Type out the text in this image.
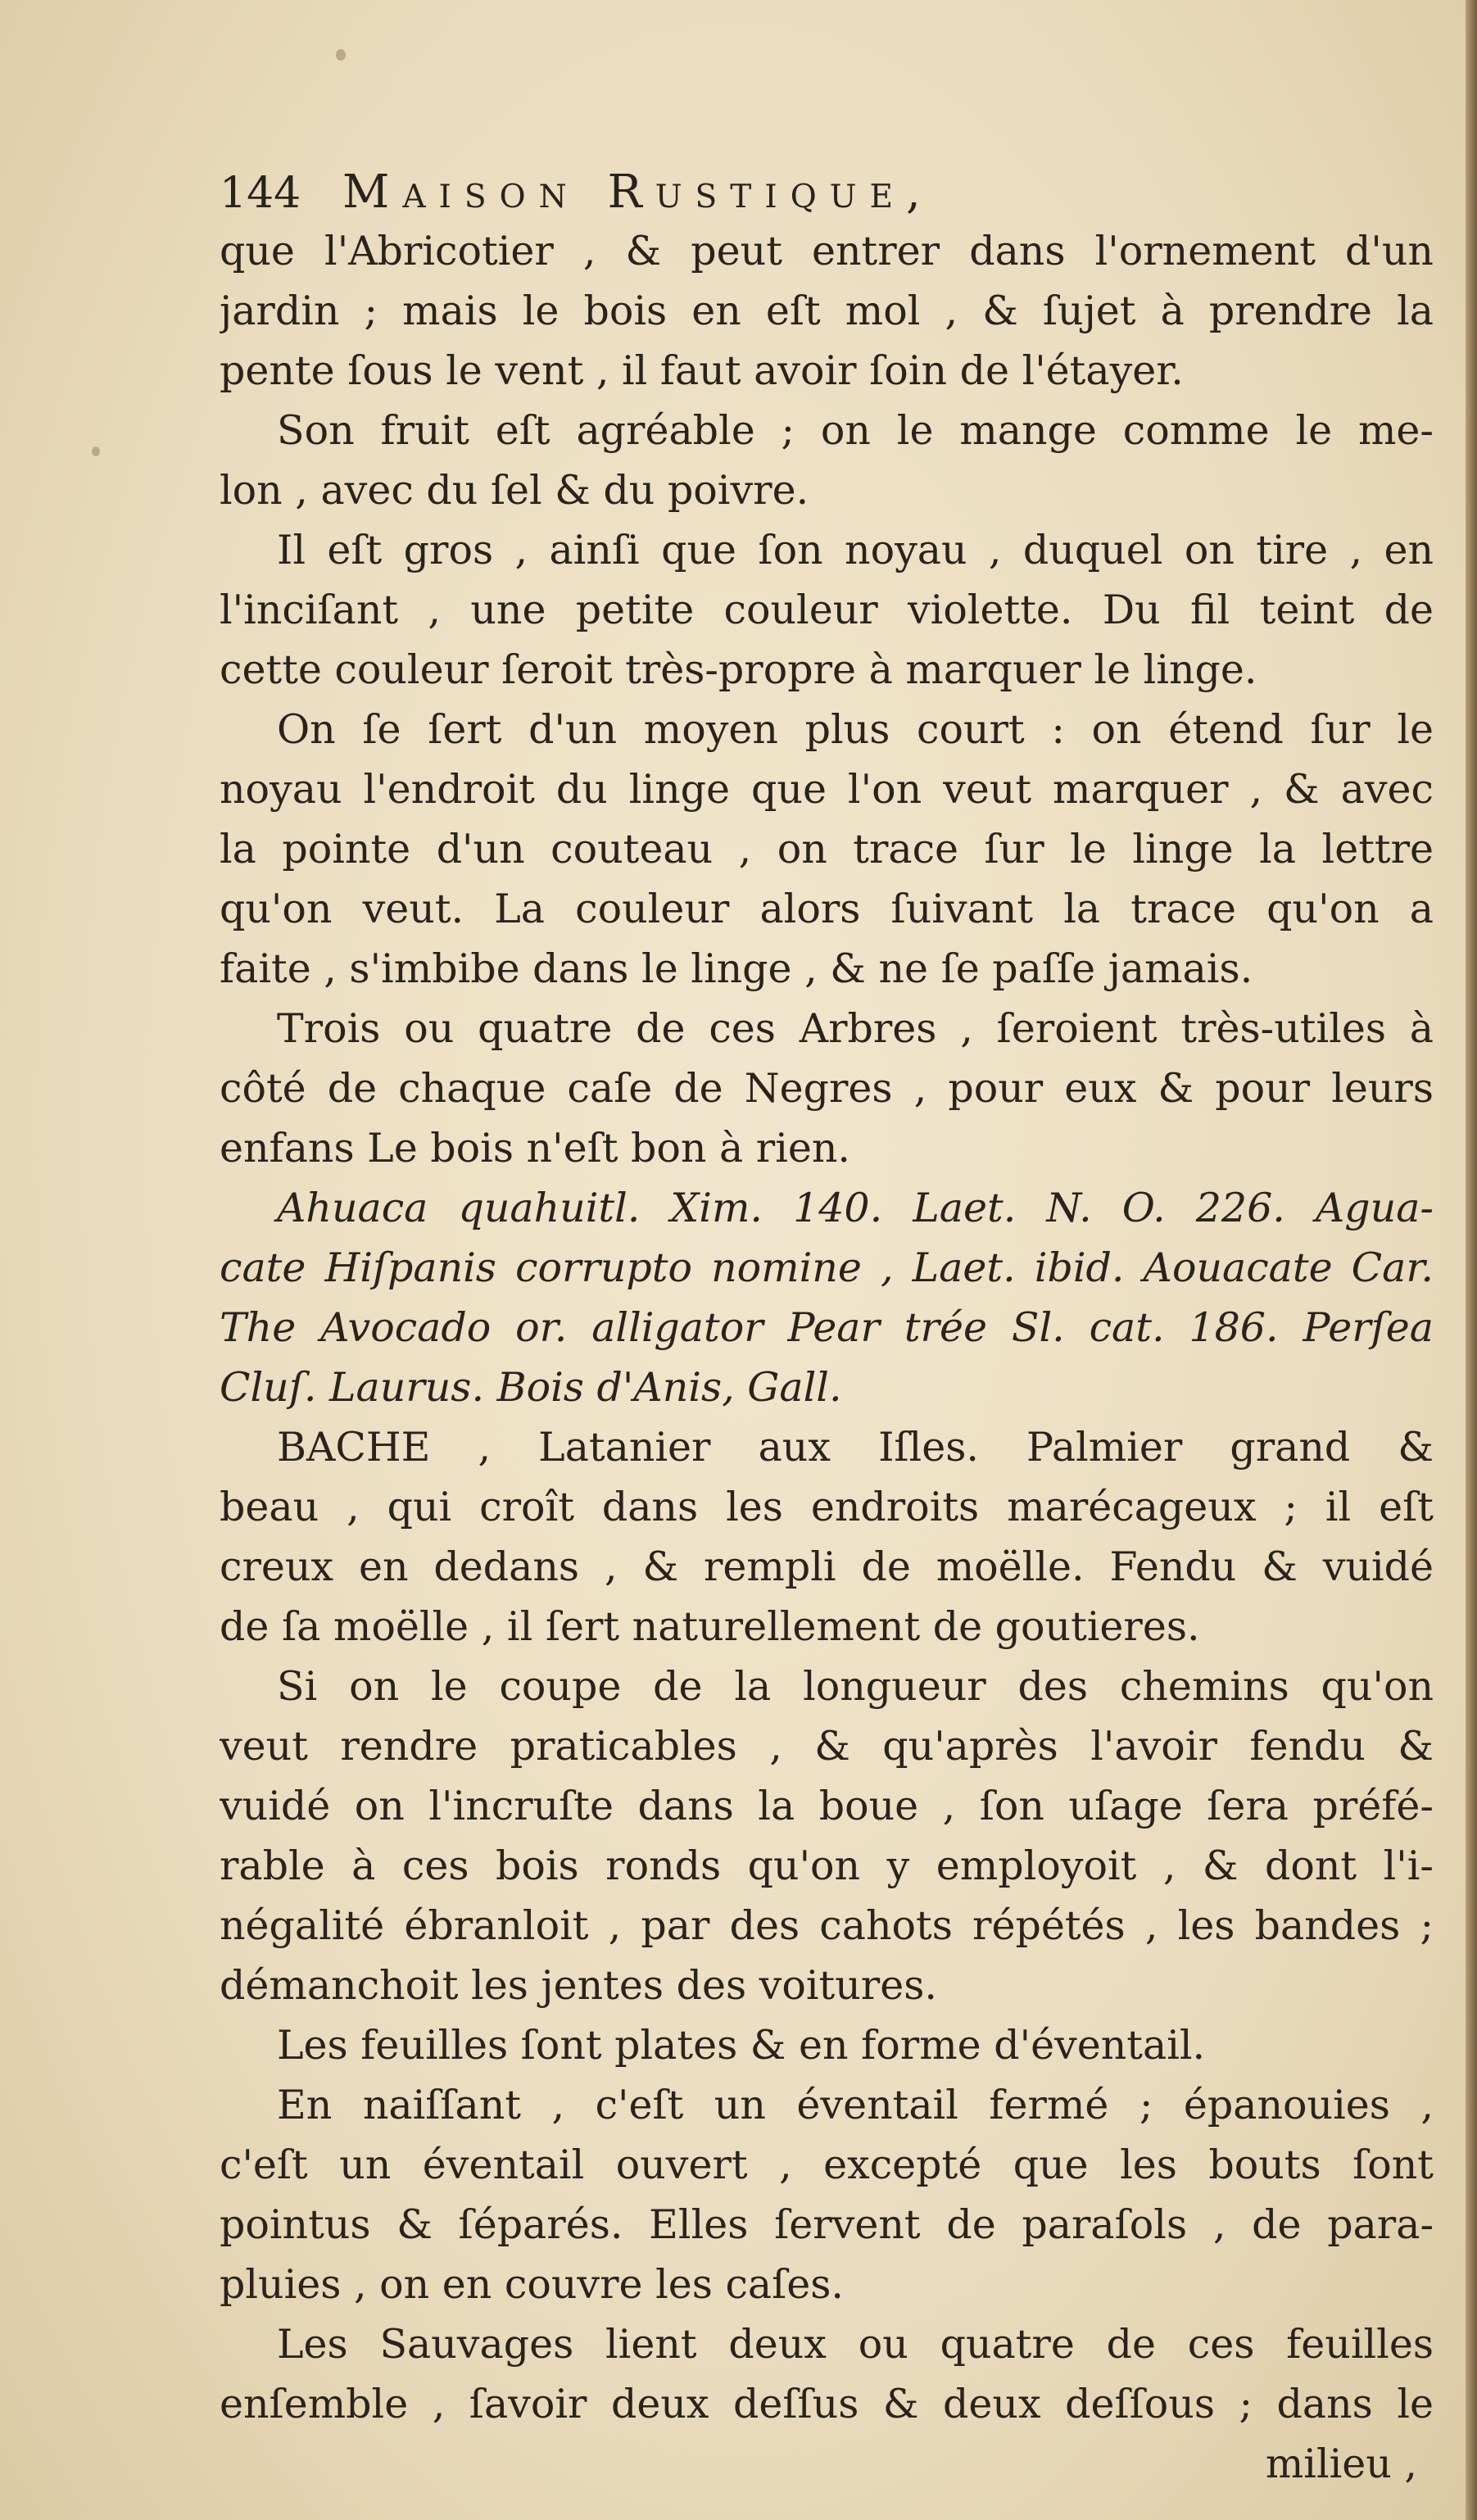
144 Maison Rustique,
que l'Abricotier , & peut entrer dans l'ornement d'un
jardin ; mais le bois en eſt mol , & ſujet à prendre la
pente ſous le vent , il faut avoir ſoin de l'étayer.
Son fruit eſt agréable ; on le mange comme le me-
lon , avec du ſel & du poivre.
Il eſt gros , ainſi que ſon noyau , duquel on tire , en
l'inciſant , une petite couleur violette. Du fil teint de
cette couleur ſeroit très-propre à marquer le linge.
On ſe ſert d'un moyen plus court : on étend ſur le
noyau l'endroit du linge que l'on veut marquer , & avec
la pointe d'un couteau , on trace ſur le linge la lettre
qu'on veut. La couleur alors ſuivant la trace qu'on a
faite , s'imbibe dans le linge , & ne ſe paſſe jamais.
Trois ou quatre de ces Arbres , ſeroient très-utiles à
côté de chaque caſe de Negres , pour eux & pour leurs
enfans Le bois n'eſt bon à rien.
Ahuaca quahuitl. Xim. 140. Laet. N. O. 226. Agua-
cate Hiſpanis corrupto nomine , Laet. ibid. Aouacate Car.
The Avocado or. alligator Pear trée Sl. cat. 186. Perſea
Cluſ. Laurus. Bois d'Anis, Gall.
BACHE , Latanier aux Iſles. Palmier grand &
beau , qui croît dans les endroits marécageux ; il eſt
creux en dedans , & rempli de moëlle. Fendu & vuidé
de ſa moëlle , il ſert naturellement de goutieres.
Si on le coupe de la longueur des chemins qu'on
veut rendre praticables , & qu'après l'avoir fendu &
vuidé on l'incruſte dans la boue , ſon uſage ſera préfé-
rable à ces bois ronds qu'on y employoit , & dont l'i-
négalité ébranloit , par des cahots répétés , les bandes ;
démanchoit les jentes des voitures.
Les feuilles ſont plates & en forme d'éventail.
En naiſſant , c'eſt un éventail fermé ; épanouies ,
c'eſt un éventail ouvert , excepté que les bouts ſont
pointus & ſéparés. Elles ſervent de paraſols , de para-
pluies , on en couvre les caſes.
Les Sauvages lient deux ou quatre de ces feuilles
enſemble , ſavoir deux deſſus & deux deſſous ; dans le
milieu ,
